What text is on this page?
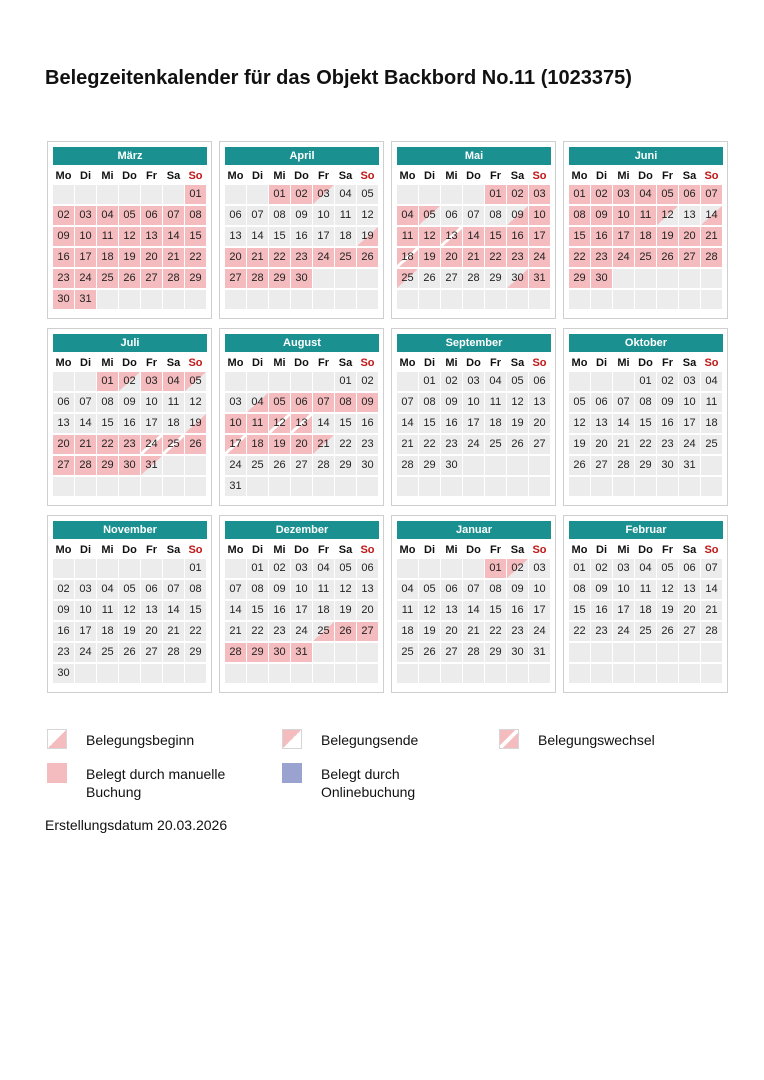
Belegzeitenkalender für das Objekt Backbord No.11 (1023375)
März
Mo Di Mi Do Fr Sa So
01
02 03 04 05 06 07 08
09 10 11 12 13 14 15
16 17 18 19 20 21 22
23 24 25 26 27 28 29
30 31
April
Mo Di Mi Do Fr Sa So
01 02 03 04 05
06 07 08 09 10 11 12
13 14 15 16 17 18 19
20 21 22 23 24 25 26
27 28 29 30
Mai
Mo Di Mi Do Fr Sa So
01 02 03
04 05 06 07 08 09 10
11 12 13 14 15 16 17
18 19 20 21 22 23 24
25 26 27 28 29 30 31
Juni
Mo Di Mi Do Fr Sa So
01 02 03 04 05 06 07
08 09 10 11 12 13 14
15 16 17 18 19 20 21
22 23 24 25 26 27 28
29 30
Juli
Mo Di Mi Do Fr Sa So
01 02 03 04 05
06 07 08 09 10 11 12
13 14 15 16 17 18 19
20 21 22 23 24 25 26
27 28 29 30 31
August
Mo Di Mi Do Fr Sa So
01 02
03 04 05 06 07 08 09
10 11 12 13 14 15 16
17 18 19 20 21 22 23
24 25 26 27 28 29 30
31
September
Mo Di Mi Do Fr Sa So
01 02 03 04 05 06
07 08 09 10 11 12 13
14 15 16 17 18 19 20
21 22 23 24 25 26 27
28 29 30
Oktober
Mo Di Mi Do Fr Sa So
01 02 03 04
05 06 07 08 09 10 11
12 13 14 15 16 17 18
19 20 21 22 23 24 25
26 27 28 29 30 31
November
Mo Di Mi Do Fr Sa So
01
02 03 04 05 06 07 08
09 10 11 12 13 14 15
16 17 18 19 20 21 22
23 24 25 26 27 28 29
30
Dezember
Mo Di Mi Do Fr Sa So
01 02 03 04 05 06
07 08 09 10 11 12 13
14 15 16 17 18 19 20
21 22 23 24 25 26 27
28 29 30 31
Januar
Mo Di Mi Do Fr Sa So
01 02 03
04 05 06 07 08 09 10
11 12 13 14 15 16 17
18 19 20 21 22 23 24
25 26 27 28 29 30 31
Februar
Mo Di Mi Do Fr Sa So
01 02 03 04 05 06 07
08 09 10 11 12 13 14
15 16 17 18 19 20 21
22 23 24 25 26 27 28
Belegungsbeginn	Belegungsende	Belegungswechsel
Belegt durch manuelle Buchung
Belegt durch Onlinebuchung
Erstellungsdatum 20.03.2026
